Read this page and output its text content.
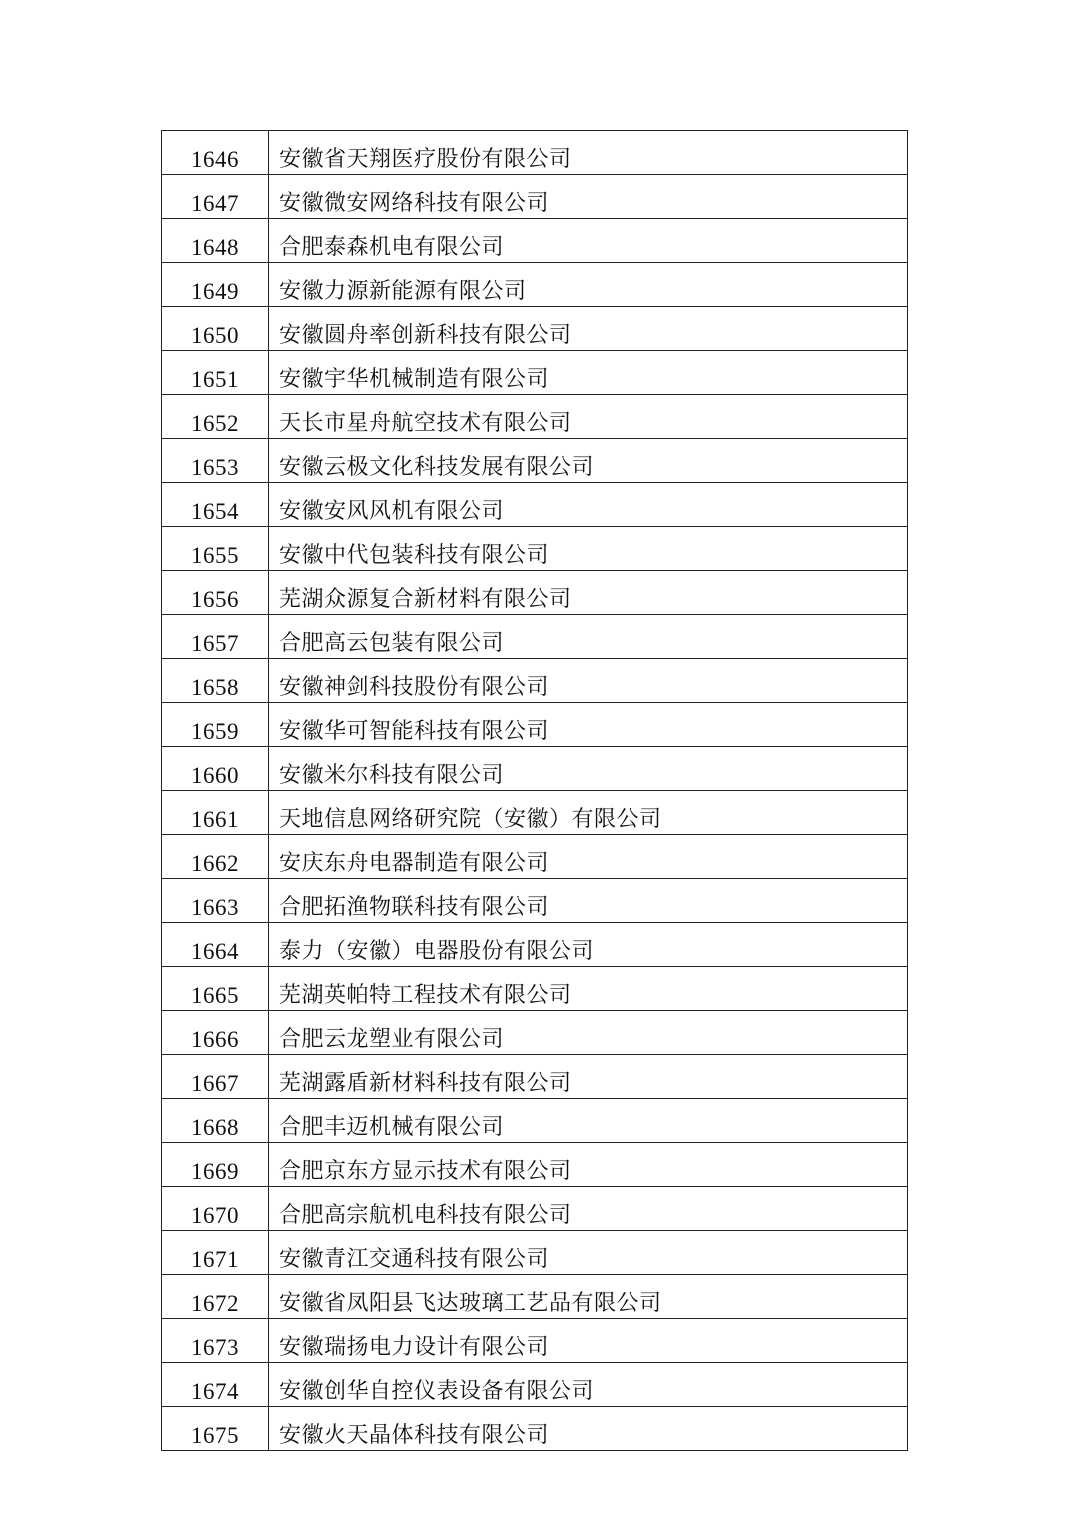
1646	安徽省天翔医疗股份有限公司
1647	安徽微安网络科技有限公司
1648	合肥泰森机电有限公司
1649	安徽力源新能源有限公司
1650	安徽圆舟率创新科技有限公司
1651	安徽宇华机械制造有限公司
1652	天长市星舟航空技术有限公司
1653	安徽云极文化科技发展有限公司
1654	安徽安风风机有限公司
1655	安徽中代包装科技有限公司
1656	芜湖众源复合新材料有限公司
1657	合肥高云包装有限公司
1658	安徽神剑科技股份有限公司
1659	安徽华可智能科技有限公司
1660	安徽米尔科技有限公司
1661	天地信息网络研究院（安徽）有限公司
1662	安庆东舟电器制造有限公司
1663	合肥拓渔物联科技有限公司
1664	泰力（安徽）电器股份有限公司
1665	芜湖英帕特工程技术有限公司
1666	合肥云龙塑业有限公司
1667	芜湖露盾新材料科技有限公司
1668	合肥丰迈机械有限公司
1669	合肥京东方显示技术有限公司
1670	合肥高宗航机电科技有限公司
1671	安徽青江交通科技有限公司
1672	安徽省凤阳县飞达玻璃工艺品有限公司
1673	安徽瑞扬电力设计有限公司
1674	安徽创华自控仪表设备有限公司
1675	安徽火天晶体科技有限公司
